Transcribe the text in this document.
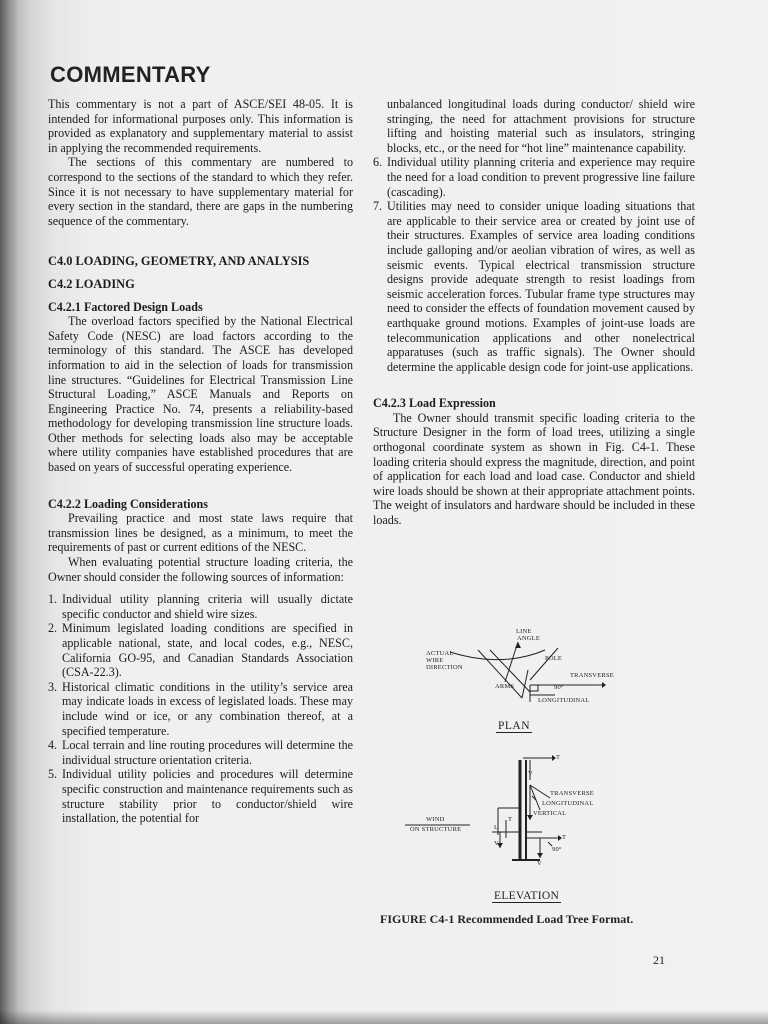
COMMENTARY

This commentary is not a part of ASCE/SEI 48-05. It is intended for informational purposes only. This information is provided as explanatory and supplementary material to assist in applying the recommended requirements.

The sections of this commentary are numbered to correspond to the sections of the standard to which they refer. Since it is not necessary to have supplementary material for every section in the standard, there are gaps in the numbering sequence of the commentary.

C4.0 LOADING, GEOMETRY, AND ANALYSIS

C4.2 LOADING

C4.2.1 Factored Design Loads

The overload factors specified by the National Electrical Safety Code (NESC) are load factors according to the terminology of this standard. The ASCE has developed information to aid in the selection of loads for transmission line structures. “Guidelines for Electrical Transmission Line Structural Loading,” ASCE Manuals and Reports on Engineering Practice No. 74, presents a reliability-based methodology for developing transmission line structure loads. Other methods for selecting loads also may be acceptable where utility companies have established procedures that are based on years of successful operating experience.

C4.2.2 Loading Considerations

Prevailing practice and most state laws require that transmission lines be designed, as a minimum, to meet the requirements of past or current editions of the NESC.

When evaluating potential structure loading criteria, the Owner should consider the following sources of information:

1. Individual utility planning criteria will usually dictate specific conductor and shield wire sizes.
2. Minimum legislated loading conditions are specified in applicable national, state, and local codes, e.g., NESC, California GO-95, and Canadian Standards Association (CSA-22.3).
3. Historical climatic conditions in the utility’s service area may indicate loads in excess of legislated loads. These may include wind or ice, or any combination thereof, at a specified temperature.
4. Local terrain and line routing procedures will determine the individual structure orientation criteria.
5. Individual utility policies and procedures will determine specific construction and maintenance requirements such as structure stability prior to conductor/shield wire installation, the potential for

unbalanced longitudinal loads during conductor/ shield wire stringing, the need for attachment provisions for structure lifting and hoisting material such as insulators, stringing blocks, etc., or the need for “hot line” maintenance capability.

6. Individual utility planning criteria and experience may require the need for a load condition to prevent progressive line failure (cascading).
7. Utilities may need to consider unique loading situations that are applicable to their service area or created by joint use of their structures. Examples of service area loading conditions include galloping and/or aeolian vibration of wires, as well as seismic events. Typical electrical transmission structure designs provide adequate strength to resist loadings from seismic acceleration forces. Tubular frame type structures may need to consider the effects of foundation movement caused by earthquake ground motions. Examples of joint-use loads are telecommunication applications and other nonelectrical apparatuses (such as traffic signals). The Owner should determine the applicable design code for joint-use applications.

C4.2.3 Load Expression

The Owner should transmit specific loading criteria to the Structure Designer in the form of load trees, utilizing a single orthogonal coordinate system as shown in Fig. C4-1. These loading criteria should express the magnitude, direction, and point of application for each load and load case. Conductor and shield wire loads should be shown at their appropriate attachment points. The weight of insulators and hardware should be included in these loads.

LINE
ANGLE
ACTUAL
WIRE
DIRECTION
POLE
TRANSVERSE
ARMS	90°
LONGITUDINAL
PLAN
T
V
TRANSVERSE
LONGITUDINAL
VERTICAL
T
L
V
T
90°
V
WIND
ON STRUCTURE
ELEVATION
FIGURE C4-1 Recommended Load Tree Format.
21
